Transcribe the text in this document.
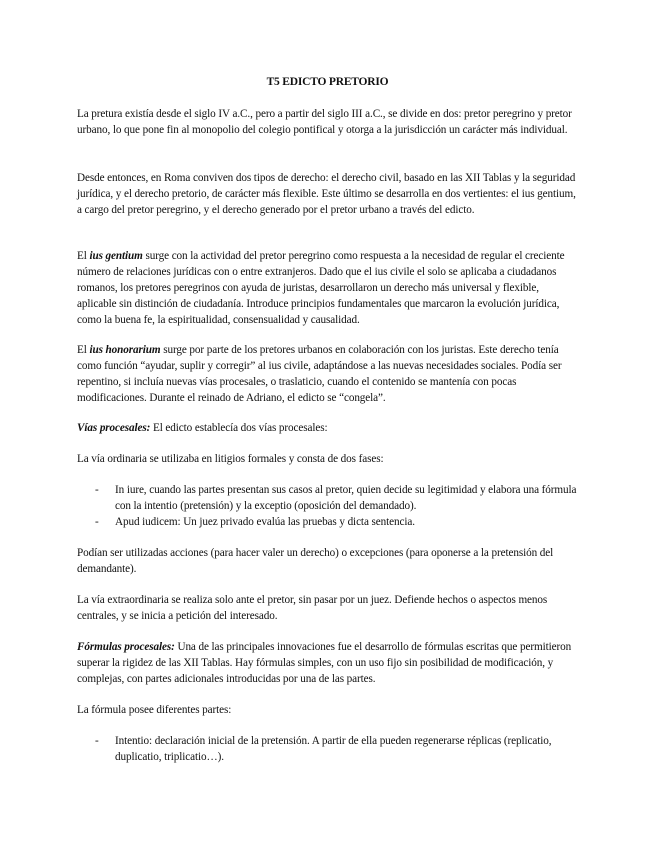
T5 EDICTO PRETORIO

La pretura existía desde el siglo IV a.C., pero a partir del siglo III a.C., se divide en dos: pretor peregrino y pretor urbano, lo que pone fin al monopolio del colegio pontifical y otorga a la jurisdicción un carácter más individual.

Desde entonces, en Roma conviven dos tipos de derecho: el derecho civil, basado en las XII Tablas y la seguridad jurídica, y el derecho pretorio, de carácter más flexible. Este último se desarrolla en dos vertientes: el ius gentium, a cargo del pretor peregrino, y el derecho generado por el pretor urbano a través del edicto.

El ius gentium surge con la actividad del pretor peregrino como respuesta a la necesidad de regular el creciente número de relaciones jurídicas con o entre extranjeros. Dado que el ius civile el solo se aplicaba a ciudadanos romanos, los pretores peregrinos con ayuda de juristas, desarrollaron un derecho más universal y flexible, aplicable sin distinción de ciudadanía. Introduce principios fundamentales que marcaron la evolución jurídica, como la buena fe, la espiritualidad, consensualidad y causalidad.

El ius honorarium surge por parte de los pretores urbanos en colaboración con los juristas. Este derecho tenía como función “ayudar, suplir y corregir” al ius civile, adaptándose a las nuevas necesidades sociales. Podía ser repentino, si incluía nuevas vías procesales, o traslaticio, cuando el contenido se mantenía con pocas modificaciones. Durante el reinado de Adriano, el edicto se “congela”.

Vías procesales: El edicto establecía dos vías procesales:

La vía ordinaria se utilizaba en litigios formales y consta de dos fases:

-	In iure, cuando las partes presentan sus casos al pretor, quien decide su legitimidad y elabora una fórmula con la intentio (pretensión) y la exceptio (oposición del demandado).
-	Apud iudicem: Un juez privado evalúa las pruebas y dicta sentencia.

Podían ser utilizadas acciones (para hacer valer un derecho) o excepciones (para oponerse a la pretensión del demandante).

La vía extraordinaria se realiza solo ante el pretor, sin pasar por un juez. Defiende hechos o aspectos menos centrales, y se inicia a petición del interesado.

Fórmulas procesales: Una de las principales innovaciones fue el desarrollo de fórmulas escritas que permitieron superar la rigidez de las XII Tablas. Hay fórmulas simples, con un uso fijo sin posibilidad de modificación, y complejas, con partes adicionales introducidas por una de las partes.

La fórmula posee diferentes partes:

-	Intentio: declaración inicial de la pretensión. A partir de ella pueden regenerarse réplicas (replicatio, duplicatio, triplicatio…).
